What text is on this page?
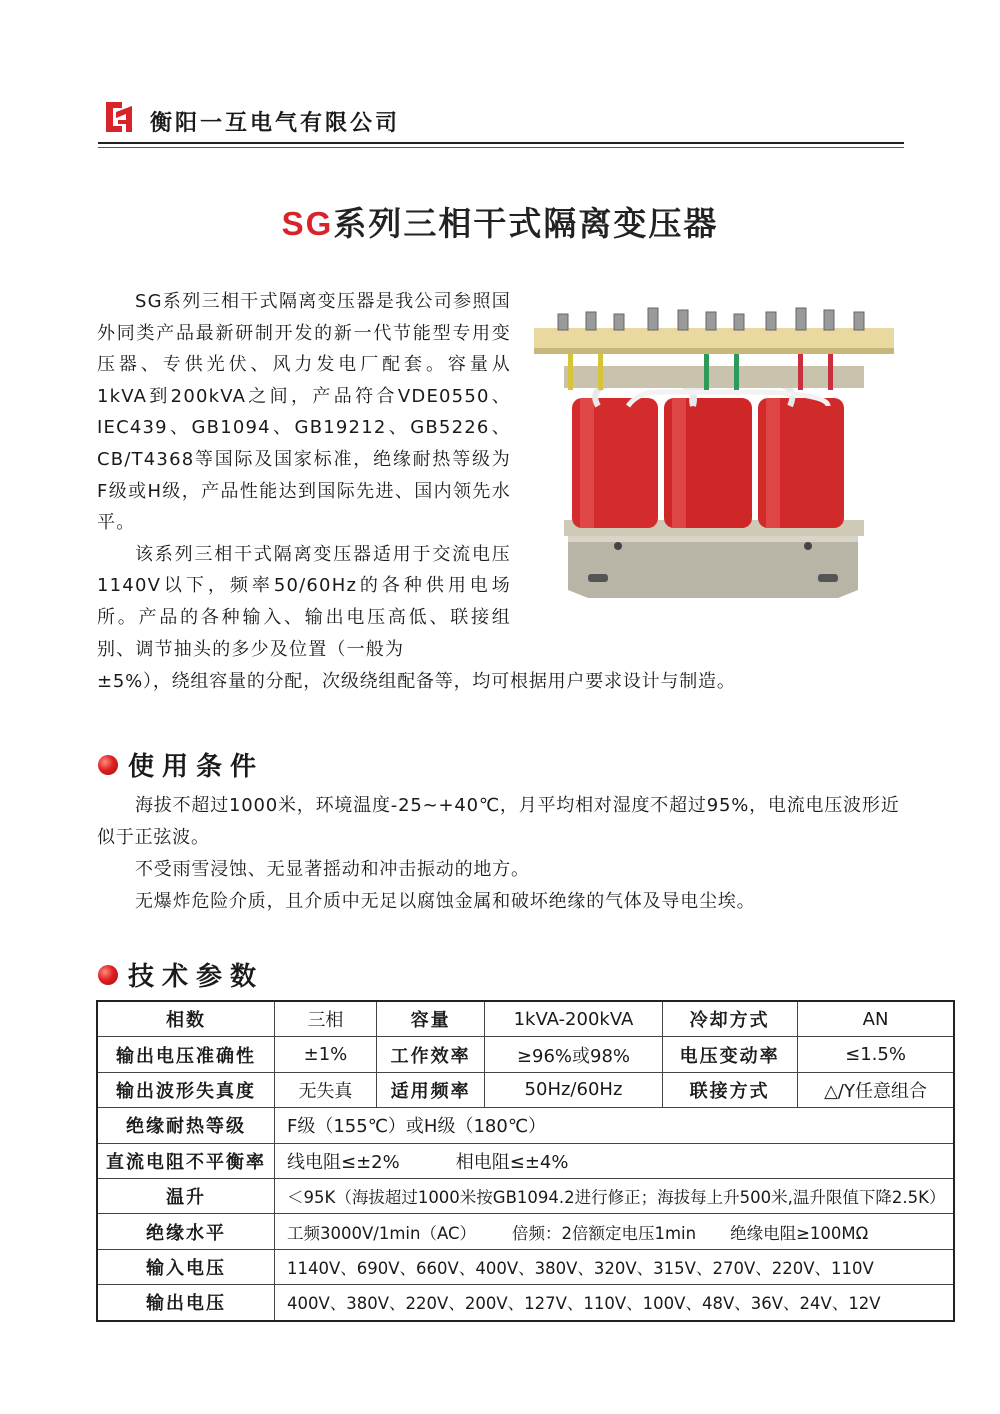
衡阳一互电气有限公司
SG系列三相干式隔离变压器

SG系列三相干式隔离变压器是我公司参照国外同类产品最新研制开发的新一代节能型专用变压器、专供光伏、风力发电厂配套。容量从1kVA到200kVA之间，产品符合VDE0550、IEC439、GB1094、GB19212、GB5226、CB/T4368等国际及国家标准，绝缘耐热等级为F级或H级，产品性能达到国际先进、国内领先水平。

该系列三相干式隔离变压器适用于交流电压1140V以下，频率50/60Hz的各种供用电场所。产品的各种输入、输出电压高低、联接组别、调节抽头的多少及位置（一般为

±5%），绕组容量的分配，次级绕组配备等，均可根据用户要求设计与制造。
使用条件

海拔不超过1000米，环境温度-25~+40℃，月平均相对湿度不超过95%，电流电压波形近似于正弦波。

不受雨雪浸蚀、无显著摇动和冲击振动的地方。

无爆炸危险介质，且介质中无足以腐蚀金属和破坏绝缘的气体及导电尘埃。

技术参数
相数	三相	容量	1kVA-200kVA	冷却方式	AN
输出电压准确性	±1%	工作效率	≥96%或98%	电压变动率	≤1.5%
输出波形失真度	无失真	适用频率	50Hz/60Hz	联接方式	△/Y任意组合
绝缘耐热等级	F级（155℃）或H级（180℃）				
直流电阻不平衡率	线电阻≤±2% 相电阻≤±4%				
温升	＜95K（海拔超过1000米按GB1094.2进行修正；海拔每上升500米,温升限值下降2.5K）				
绝缘水平	工频3000V/1min（AC） 倍频：2倍额定电压1min 绝缘电阻≥100MΩ				
输入电压	1140V、690V、660V、400V、380V、320V、315V、270V、220V、110V				
输出电压	400V、380V、220V、200V、127V、110V、100V、48V、36V、24V、12V				
